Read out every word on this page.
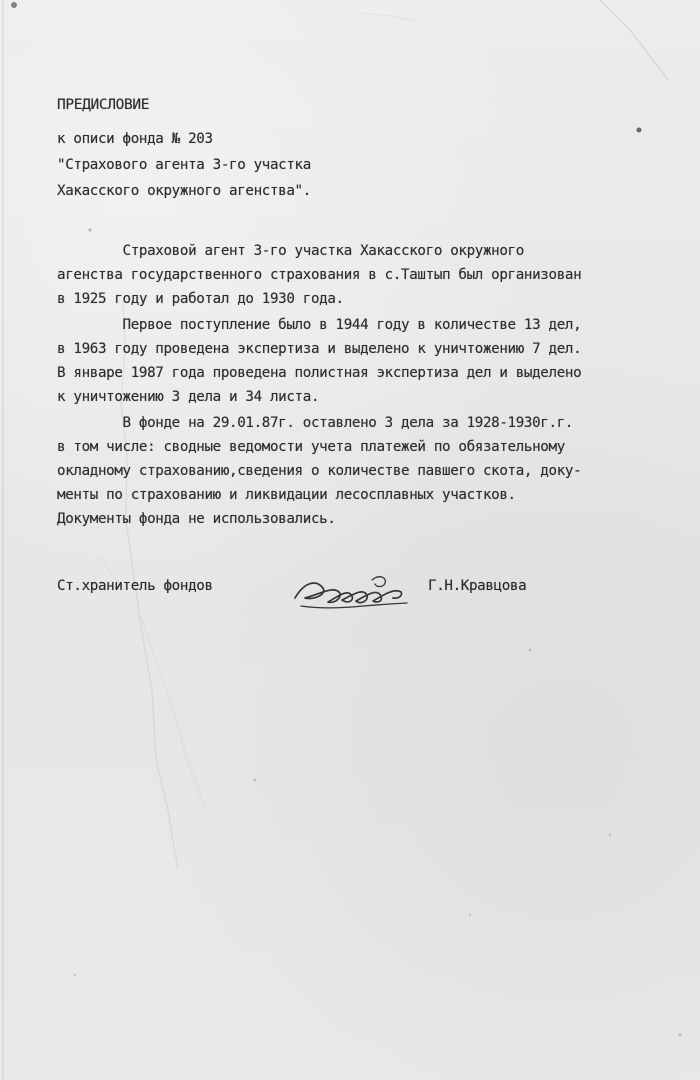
ПРЕДИСЛОВИЕ
к описи фонда № 203
"Страхового агента 3-го участка
Хакасского окружного агенства".
Страховой агент 3-го участка Хакасского окружного
агенства государственного страхования в с.Таштып был организован
в 1925 году и работал до 1930 года.
Первое поступление было в 1944 году в количестве 13 дел,
в 1963 году проведена экспертиза и выделено к уничтожению 7 дел.
В январе 1987 года проведена полистная экспертиза дел и выделено
к уничтожению 3 дела и 34 листа.
В фонде на 29.01.87г. оставлено 3 дела за 1928-1930г.г.
в том числе: сводные ведомости учета платежей по обязательному
окладному страхованию,сведения о количестве павшего скота, доку-
менты по страхованию и ликвидации лесосплавных участков.
Документы фонда не использовались.
Ст.хранитель фондов	Г.Н.Кравцова
